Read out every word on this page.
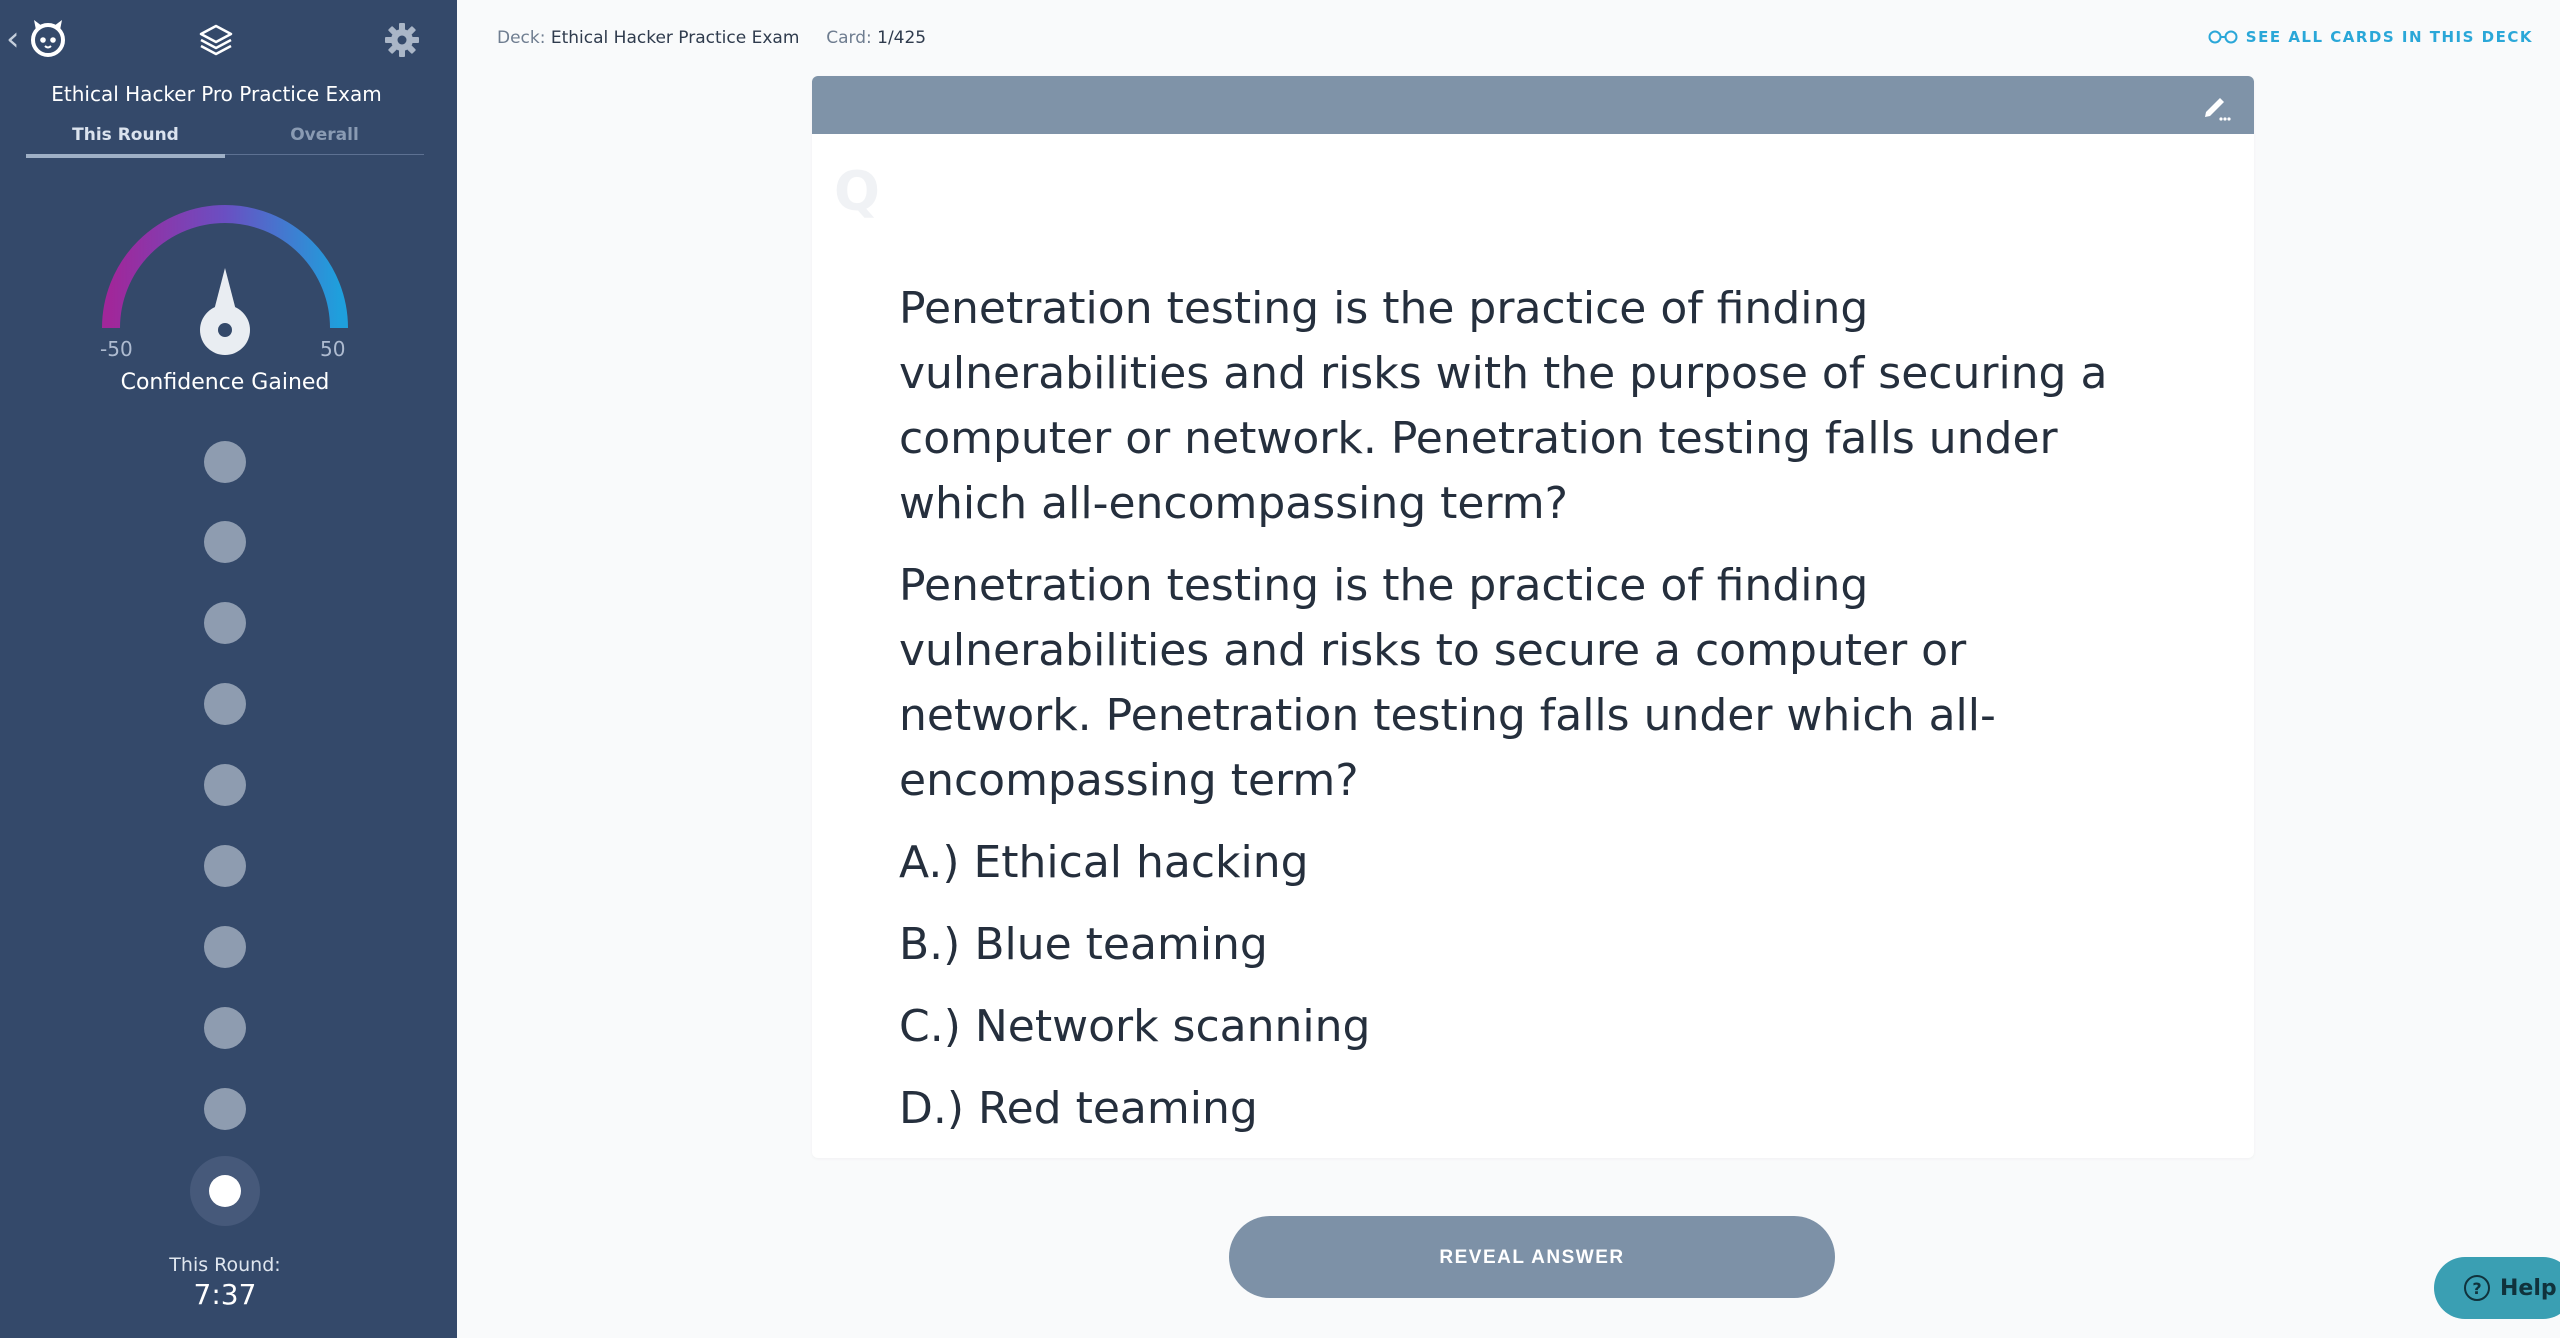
‹
Ethical Hacker Pro Practice Exam
This Round	Overall
-50	50
Confidence Gained
This Round:
7:37
Deck: Ethical Hacker Practice Exam Card: 1/425	SEE ALL CARDS IN THIS DECK
Q

Penetration testing is the practice of finding vulnerabilities and risks with the purpose of securing a computer or network. Penetration testing falls under which all-encompassing term?

Penetration testing is the practice of finding vulnerabilities and risks to secure a computer or network. Penetration testing falls under which all-encompassing term?

A.) Ethical hacking

B.) Blue teaming

C.) Network scanning

D.) Red teaming

REVEAL ANSWER
? Help
